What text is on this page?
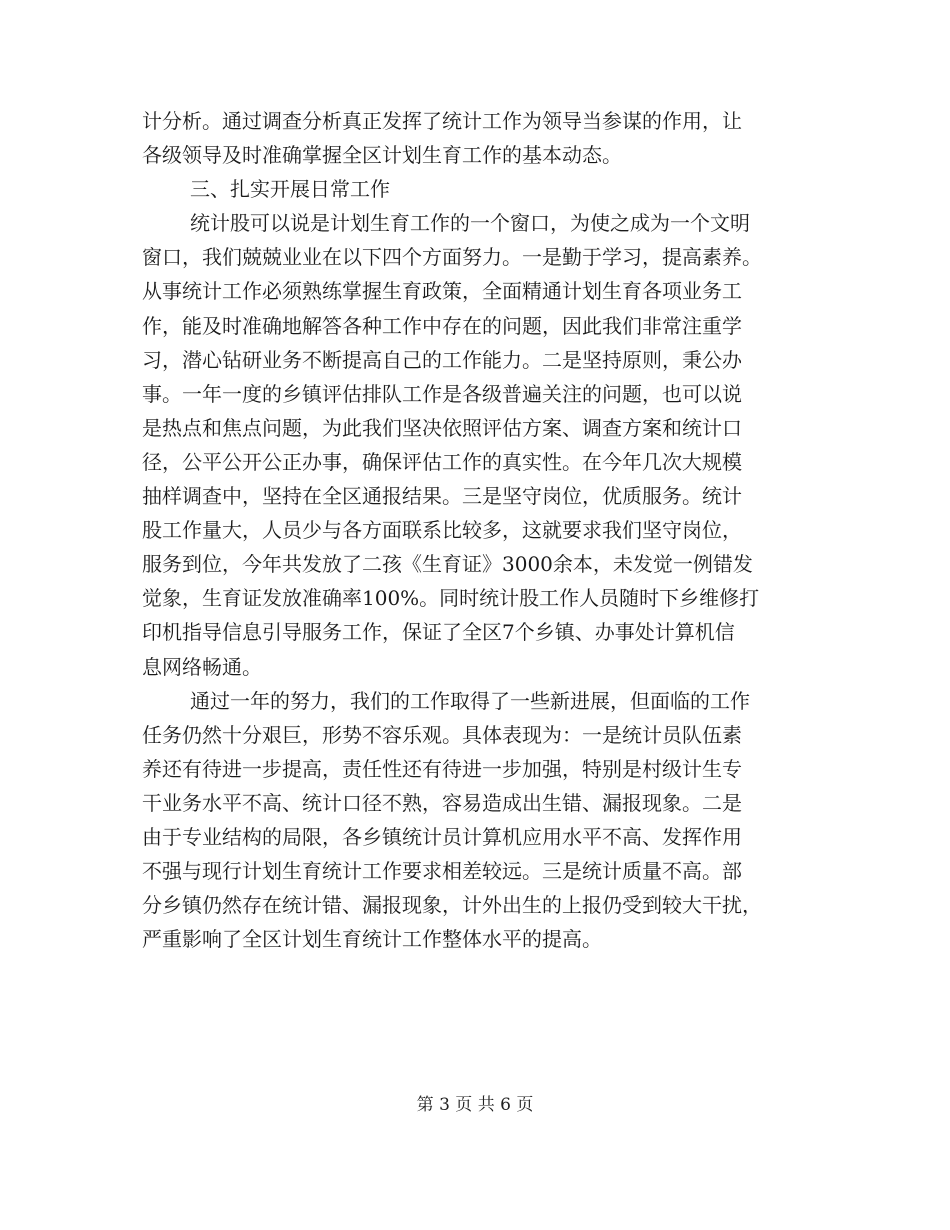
计分析。通过调查分析真正发挥了统计工作为领导当参谋的作用，让
各级领导及时准确掌握全区计划生育工作的基本动态。
三、扎实开展日常工作
统计股可以说是计划生育工作的一个窗口，为使之成为一个文明
窗口，我们兢兢业业在以下四个方面努力。一是勤于学习，提高素养。
从事统计工作必须熟练掌握生育政策，全面精通计划生育各项业务工
作，能及时准确地解答各种工作中存在的问题，因此我们非常注重学
习，潜心钻研业务不断提高自己的工作能力。二是坚持原则，秉公办
事。一年一度的乡镇评估排队工作是各级普遍关注的问题，也可以说
是热点和焦点问题，为此我们坚决依照评估方案、调查方案和统计口
径，公平公开公正办事，确保评估工作的真实性。在今年几次大规模
抽样调查中，坚持在全区通报结果。三是坚守岗位，优质服务。统计
股工作量大，人员少与各方面联系比较多，这就要求我们坚守岗位，
服务到位，今年共发放了二孩《生育证》3000余本，未发觉一例错发
觉象，生育证发放准确率100%。同时统计股工作人员随时下乡维修打
印机指导信息引导服务工作，保证了全区7个乡镇、办事处计算机信
息网络畅通。
通过一年的努力，我们的工作取得了一些新进展，但面临的工作
任务仍然十分艰巨，形势不容乐观。具体表现为：一是统计员队伍素
养还有待进一步提高，责任性还有待进一步加强，特别是村级计生专
干业务水平不高、统计口径不熟，容易造成出生错、漏报现象。二是
由于专业结构的局限，各乡镇统计员计算机应用水平不高、发挥作用
不强与现行计划生育统计工作要求相差较远。三是统计质量不高。部
分乡镇仍然存在统计错、漏报现象，计外出生的上报仍受到较大干扰，
严重影响了全区计划生育统计工作整体水平的提高。
第 3 页 共 6 页
